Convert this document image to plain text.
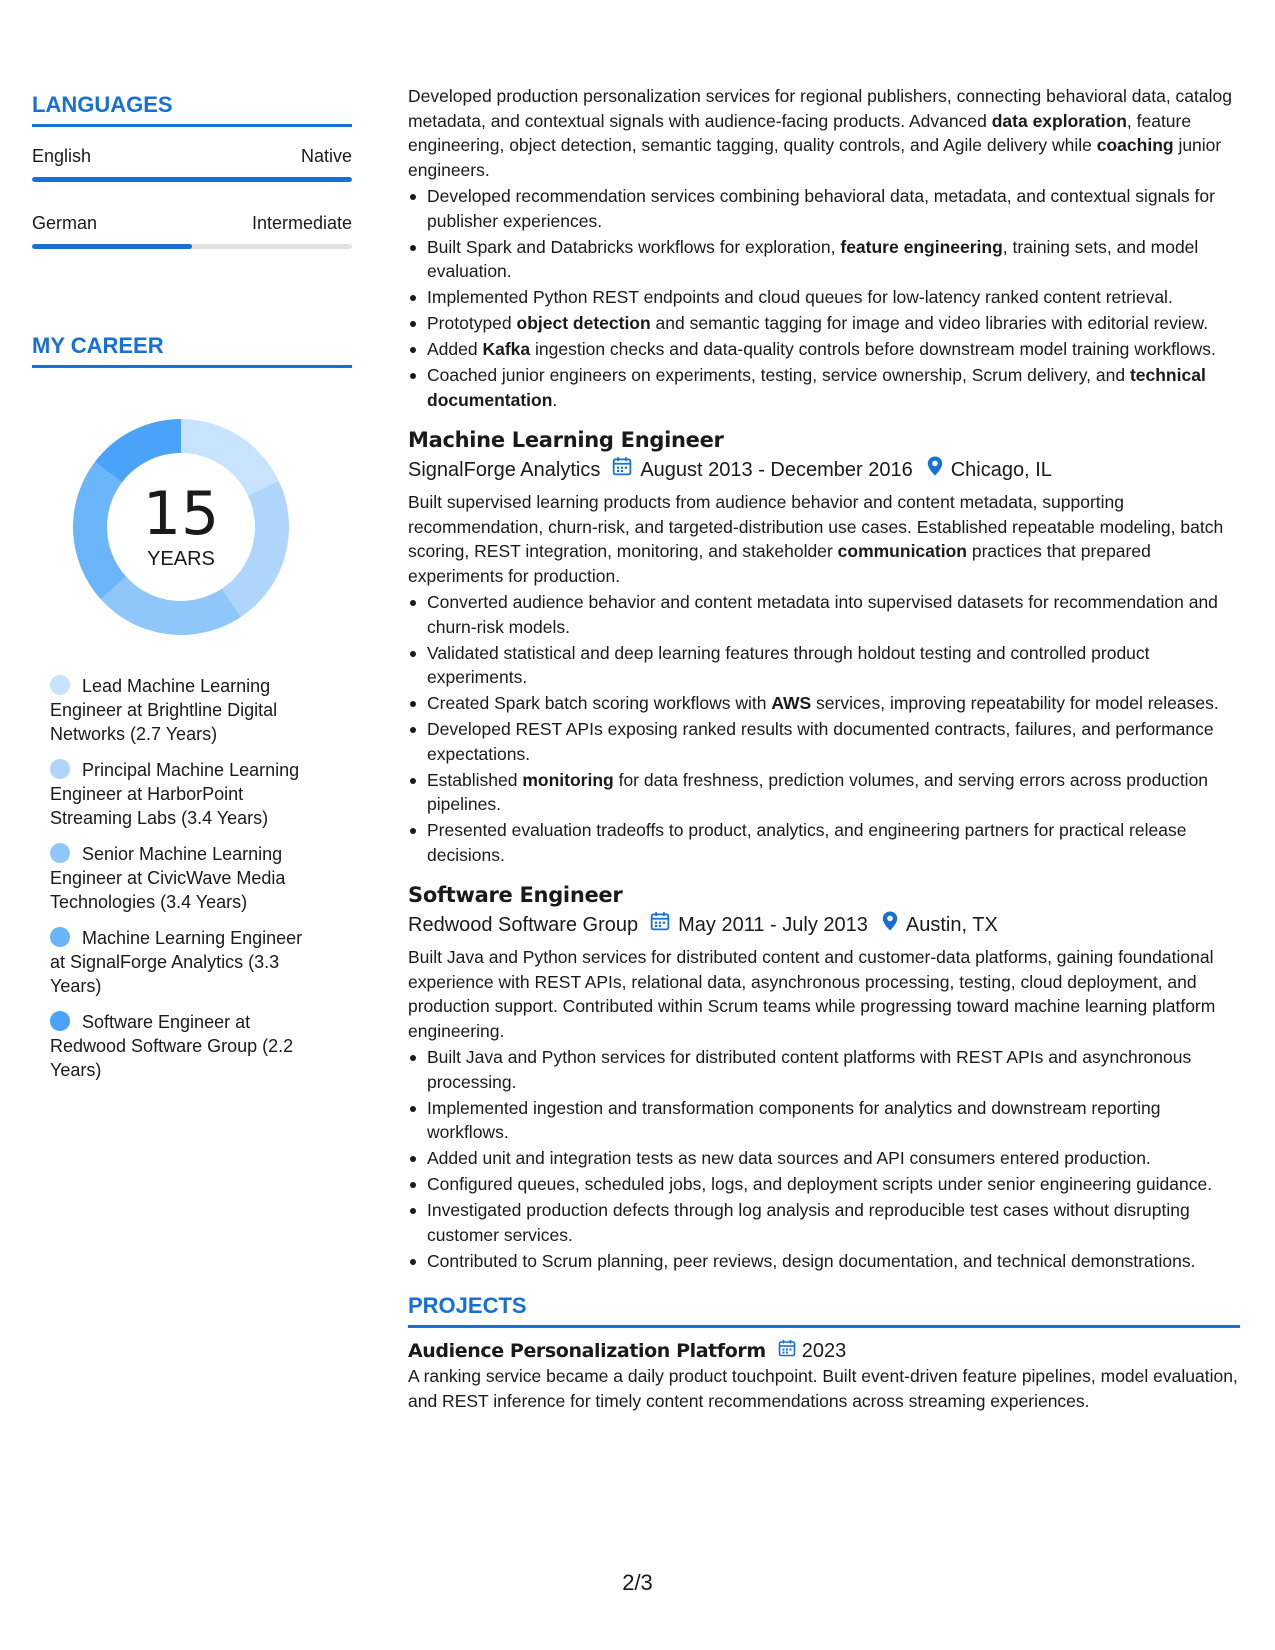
LANGUAGES
English	Native
German	Intermediate
MY CAREER
15
YEARS
Lead Machine Learning Engineer at Brightline Digital Networks (2.7 Years)
Principal Machine Learning Engineer at HarborPoint Streaming Labs (3.4 Years)
Senior Machine Learning Engineer at CivicWave Media Technologies (3.4 Years)
Machine Learning Engineer at SignalForge Analytics (3.3 Years)
Software Engineer at Redwood Software Group (2.2 Years)
Developed production personalization services for regional publishers, connecting behavioral data, catalog metadata, and contextual signals with audience-facing products. Advanced data exploration, feature engineering, object detection, semantic tagging, quality controls, and Agile delivery while coaching junior engineers.
Developed recommendation services combining behavioral data, metadata, and contextual signals for publisher experiences.
Built Spark and Databricks workflows for exploration, feature engineering, training sets, and model evaluation.
Implemented Python REST endpoints and cloud queues for low-latency ranked content retrieval.
Prototyped object detection and semantic tagging for image and video libraries with editorial review.
Added Kafka ingestion checks and data-quality controls before downstream model training workflows.
Coached junior engineers on experiments, testing, service ownership, Scrum delivery, and technical documentation.
Machine Learning Engineer
SignalForge Analytics August 2013 - December 2016 Chicago, IL
Built supervised learning products from audience behavior and content metadata, supporting recommendation, churn-risk, and targeted-distribution use cases. Established repeatable modeling, batch scoring, REST integration, monitoring, and stakeholder communication practices that prepared experiments for production.
Converted audience behavior and content metadata into supervised datasets for recommendation and churn-risk models.
Validated statistical and deep learning features through holdout testing and controlled product experiments.
Created Spark batch scoring workflows with AWS services, improving repeatability for model releases.
Developed REST APIs exposing ranked results with documented contracts, failures, and performance expectations.
Established monitoring for data freshness, prediction volumes, and serving errors across production pipelines.
Presented evaluation tradeoffs to product, analytics, and engineering partners for practical release decisions.
Software Engineer
Redwood Software Group May 2011 - July 2013 Austin, TX
Built Java and Python services for distributed content and customer-data platforms, gaining foundational experience with REST APIs, relational data, asynchronous processing, testing, cloud deployment, and production support. Contributed within Scrum teams while progressing toward machine learning platform engineering.
Built Java and Python services for distributed content platforms with REST APIs and asynchronous processing.
Implemented ingestion and transformation components for analytics and downstream reporting workflows.
Added unit and integration tests as new data sources and API consumers entered production.
Configured queues, scheduled jobs, logs, and deployment scripts under senior engineering guidance.
Investigated production defects through log analysis and reproducible test cases without disrupting customer services.
Contributed to Scrum planning, peer reviews, design documentation, and technical demonstrations.
PROJECTS
Audience Personalization Platform 2023
A ranking service became a daily product touchpoint. Built event-driven feature pipelines, model evaluation, and REST inference for timely content recommendations across streaming experiences.
2/3
